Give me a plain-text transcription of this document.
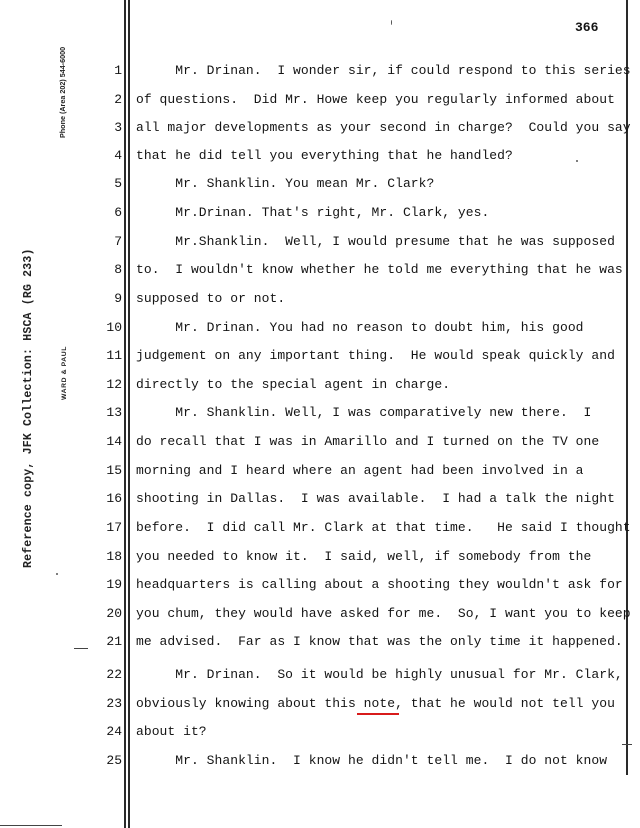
Reference copy, JFK Collection: HSCA (RG 233)
Phone (Area 202) 544-6000
WARD & PAUL
366
1
2
3
4
5
6
7
8
9
10
11
12
13
14
15
16
17
18
19
20
21
22
23
24
25
Mr. Drinan.  I wonder sir, if could respond to this series
of questions.  Did Mr. Howe keep you regularly informed about
all major developments as your second in charge?  Could you say
that he did tell you everything that he handled?
Mr. Shanklin. You mean Mr. Clark?
Mr.Drinan. That's right, Mr. Clark, yes.
Mr.Shanklin.  Well, I would presume that he was supposed
to.  I wouldn't know whether he told me everything that he was
supposed to or not.
Mr. Drinan. You had no reason to doubt him, his good
judgement on any important thing.  He would speak quickly and
directly to the special agent in charge.
Mr. Shanklin. Well, I was comparatively new there.  I
do recall that I was in Amarillo and I turned on the TV one
morning and I heard where an agent had been involved in a
shooting in Dallas.  I was available.  I had a talk the night
before.  I did call Mr. Clark at that time.   He said I thought
you needed to know it.  I said, well, if somebody from the
headquarters is calling about a shooting they wouldn't ask for
you chum, they would have asked for me.  So, I want you to keep
me advised.  Far as I know that was the only time it happened.
Mr. Drinan.  So it would be highly unusual for Mr. Clark,
obviously knowing about this note, that he would not tell you
about it?
Mr. Shanklin.  I know he didn't tell me.  I do not know
